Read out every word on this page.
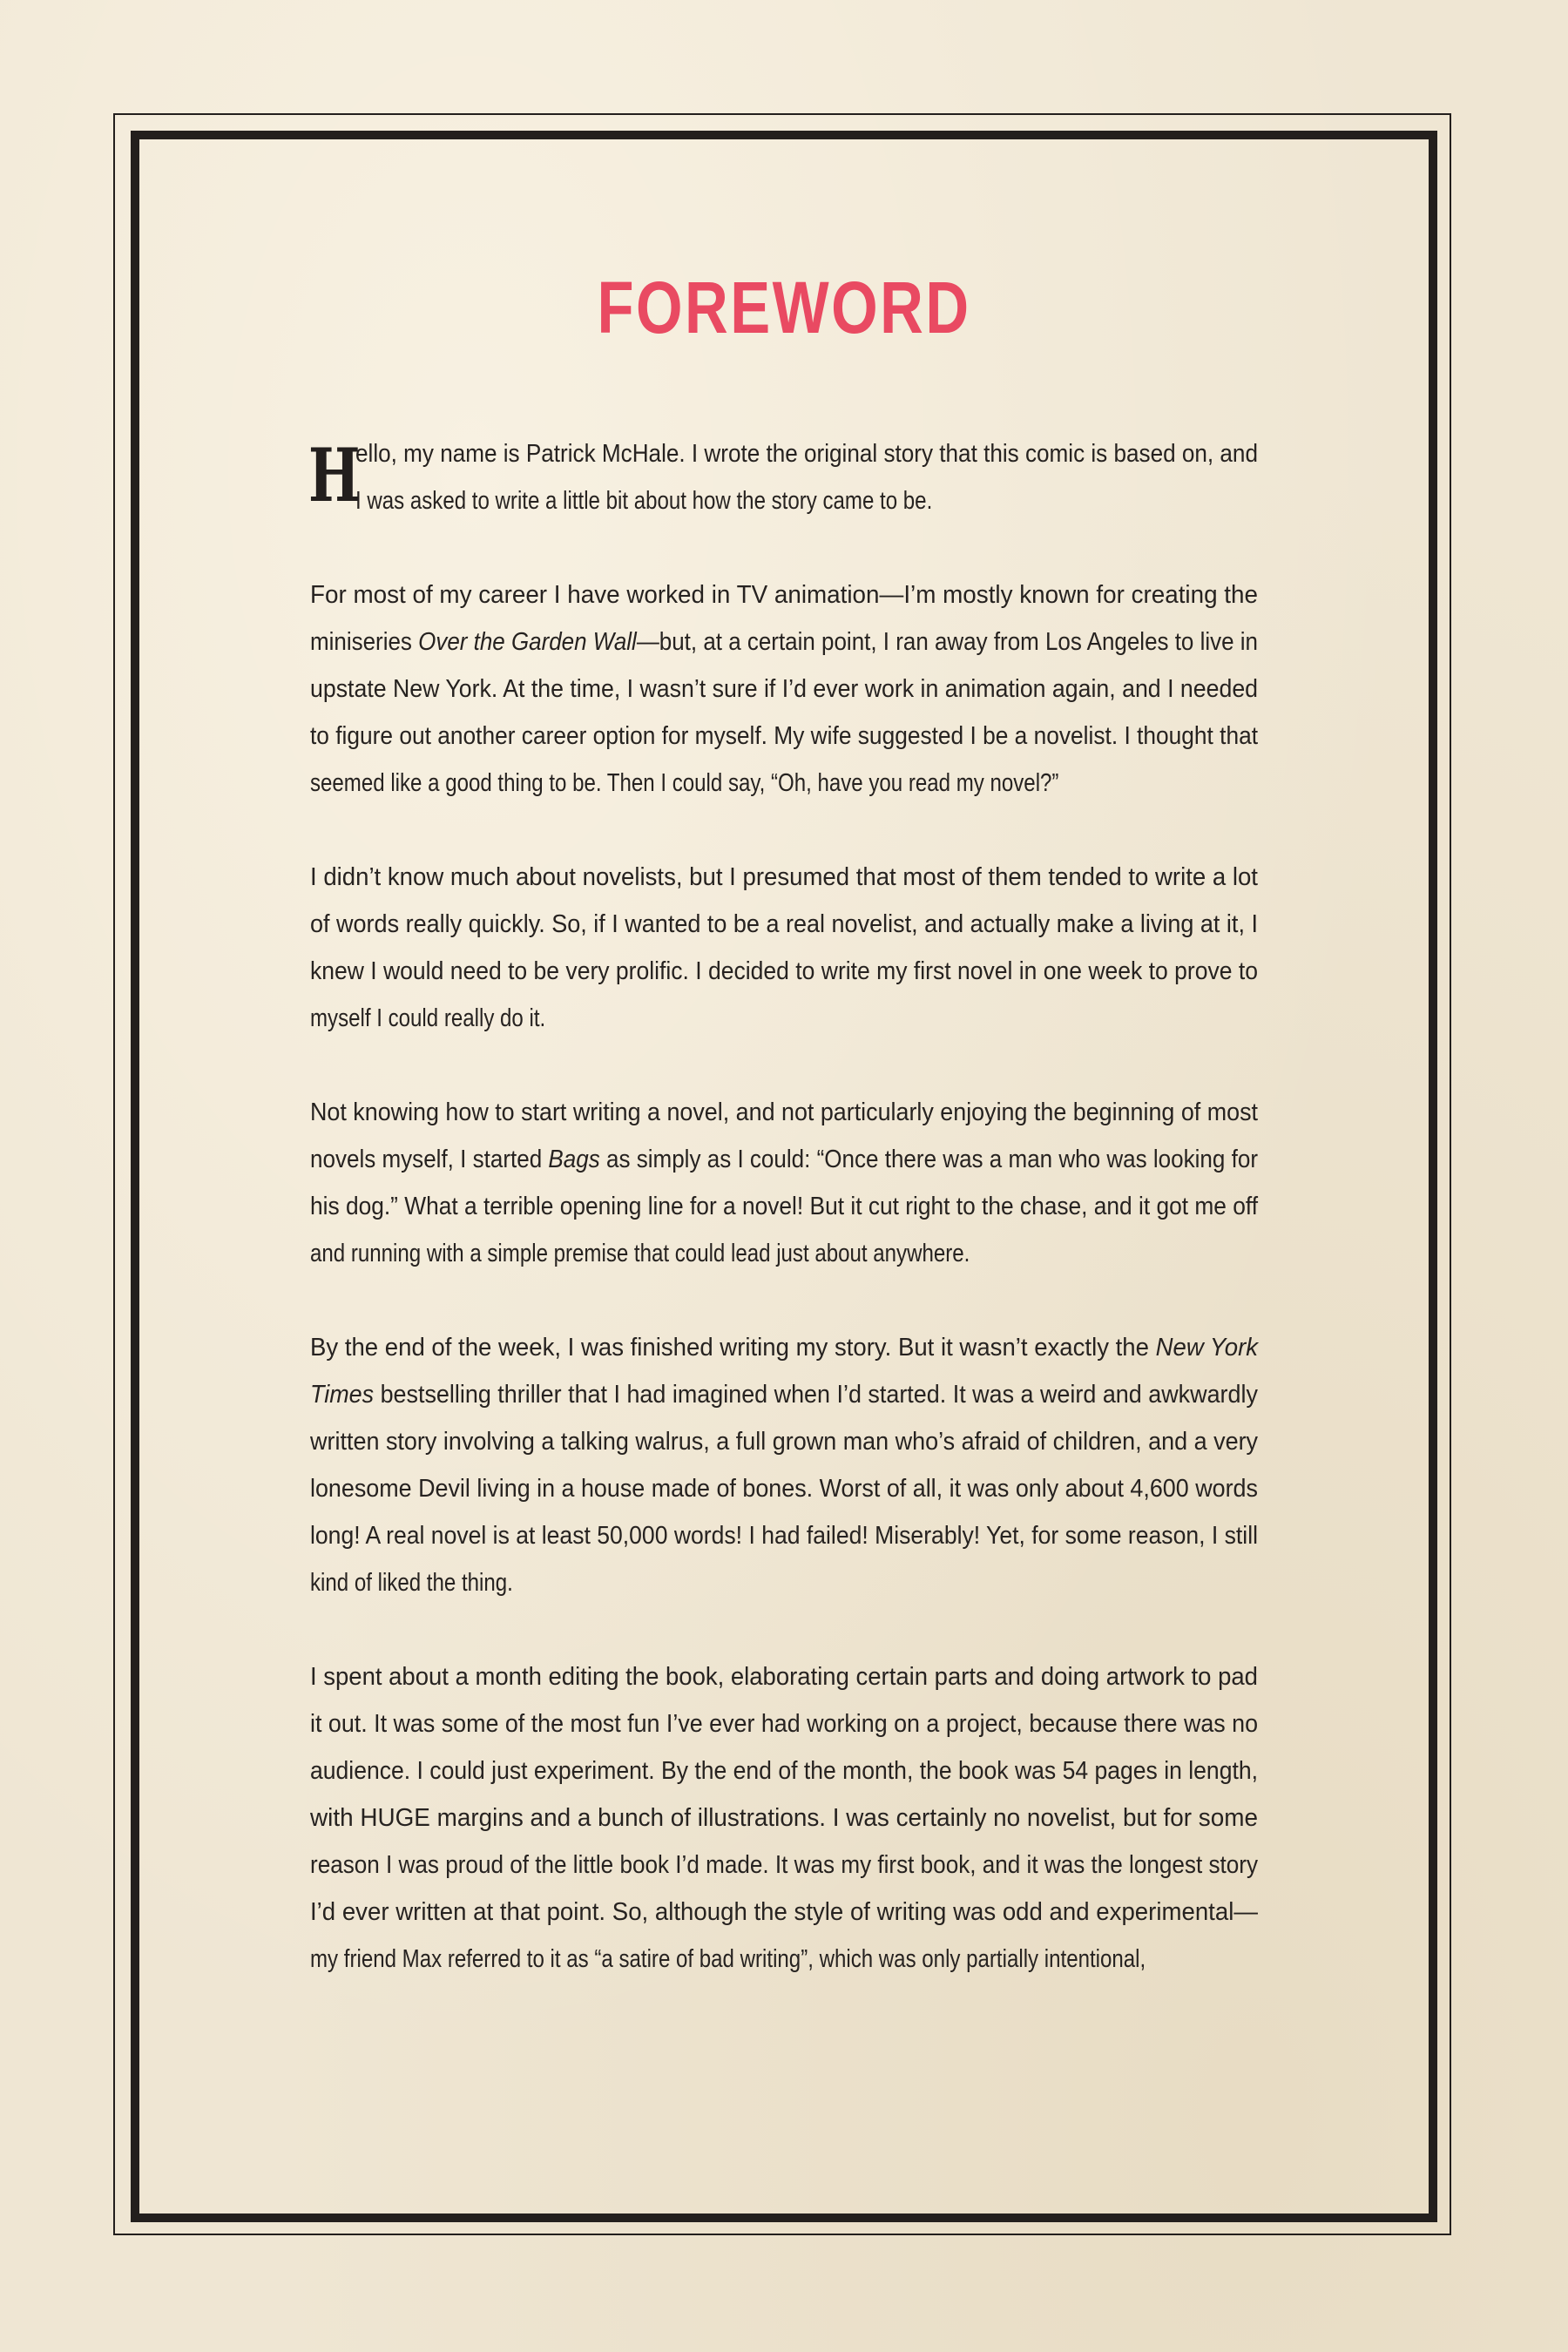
FOREWORD
H
ello, my name is Patrick McHale. I wrote the original story that this comic is based on, and
I was asked to write a little bit about how the story came to be.
For most of my career I have worked in TV animation—I’m mostly known for creating the
miniseries Over the Garden Wall—but, at a certain point, I ran away from Los Angeles to live in
upstate New York. At the time, I wasn’t sure if I’d ever work in animation again, and I needed
to figure out another career option for myself. My wife suggested I be a novelist. I thought that
seemed like a good thing to be. Then I could say, “Oh, have you read my novel?”
I didn’t know much about novelists, but I presumed that most of them tended to write a lot
of words really quickly. So, if I wanted to be a real novelist, and actually make a living at it, I
knew I would need to be very prolific. I decided to write my first novel in one week to prove to
myself I could really do it.
Not knowing how to start writing a novel, and not particularly enjoying the beginning of most
novels myself, I started Bags as simply as I could: “Once there was a man who was looking for
his dog.” What a terrible opening line for a novel! But it cut right to the chase, and it got me off
and running with a simple premise that could lead just about anywhere.
By the end of the week, I was finished writing my story. But it wasn’t exactly the New York
Times bestselling thriller that I had imagined when I’d started. It was a weird and awkwardly
written story involving a talking walrus, a full grown man who’s afraid of children, and a very
lonesome Devil living in a house made of bones. Worst of all, it was only about 4,600 words
long! A real novel is at least 50,000 words! I had failed! Miserably! Yet, for some reason, I still
kind of liked the thing.
I spent about a month editing the book, elaborating certain parts and doing artwork to pad
it out. It was some of the most fun I’ve ever had working on a project, because there was no
audience. I could just experiment. By the end of the month, the book was 54 pages in length,
with HUGE margins and a bunch of illustrations. I was certainly no novelist, but for some
reason I was proud of the little book I’d made. It was my first book, and it was the longest story
I’d ever written at that point. So, although the style of writing was odd and experimental—
my friend Max referred to it as “a satire of bad writing”, which was only partially intentional,
